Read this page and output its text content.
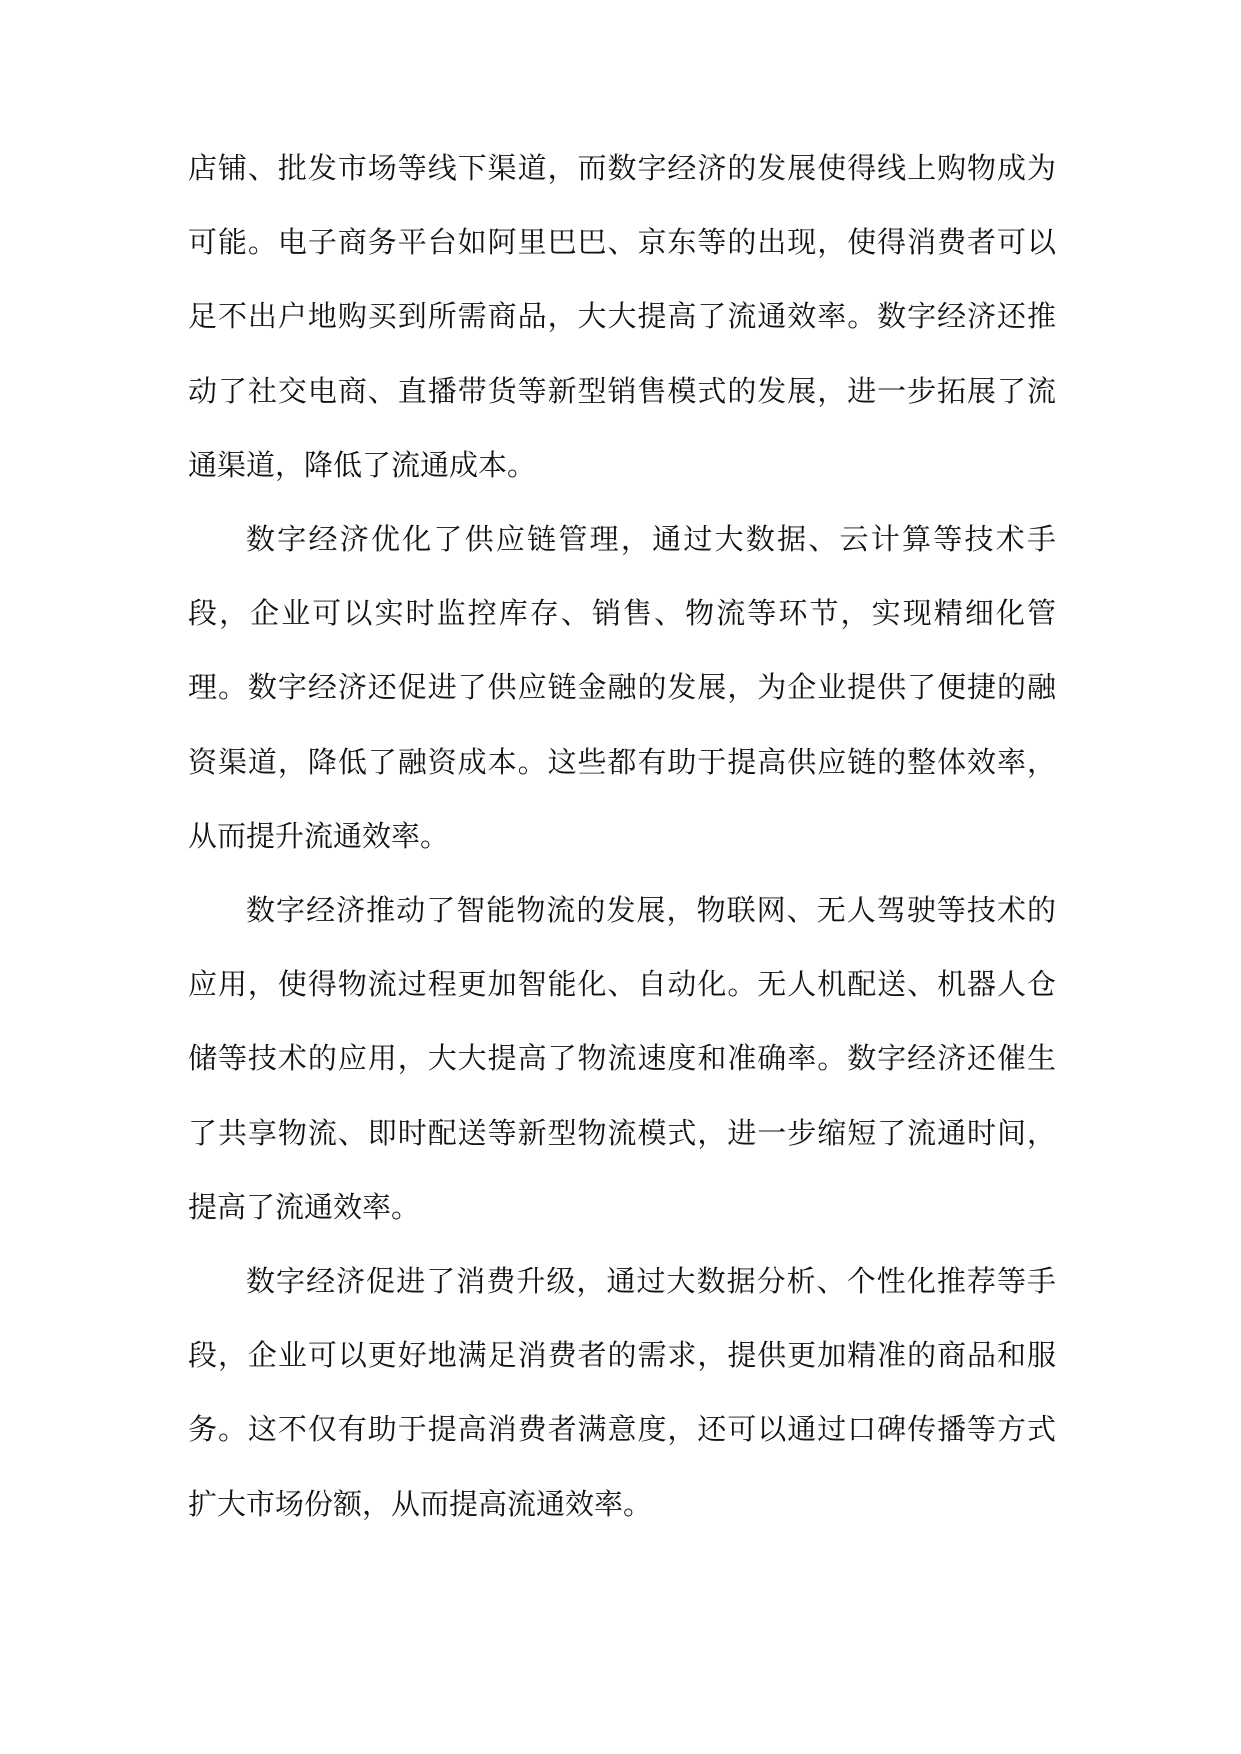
店铺、批发市场等线下渠道，而数字经济的发展使得线上购物成为可能。电子商务平台如阿里巴巴、京东等的出现，使得消费者可以足不出户地购买到所需商品，大大提高了流通效率。数字经济还推动了社交电商、直播带货等新型销售模式的发展，进一步拓展了流通渠道，降低了流通成本。

数字经济优化了供应链管理，通过大数据、云计算等技术手段，企业可以实时监控库存、销售、物流等环节，实现精细化管理。数字经济还促进了供应链金融的发展，为企业提供了便捷的融资渠道，降低了融资成本。这些都有助于提高供应链的整体效率，从而提升流通效率。

数字经济推动了智能物流的发展，物联网、无人驾驶等技术的应用，使得物流过程更加智能化、自动化。无人机配送、机器人仓储等技术的应用，大大提高了物流速度和准确率。数字经济还催生了共享物流、即时配送等新型物流模式，进一步缩短了流通时间，提高了流通效率。

数字经济促进了消费升级，通过大数据分析、个性化推荐等手段，企业可以更好地满足消费者的需求，提供更加精准的商品和服务。这不仅有助于提高消费者满意度，还可以通过口碑传播等方式扩大市场份额，从而提高流通效率。
